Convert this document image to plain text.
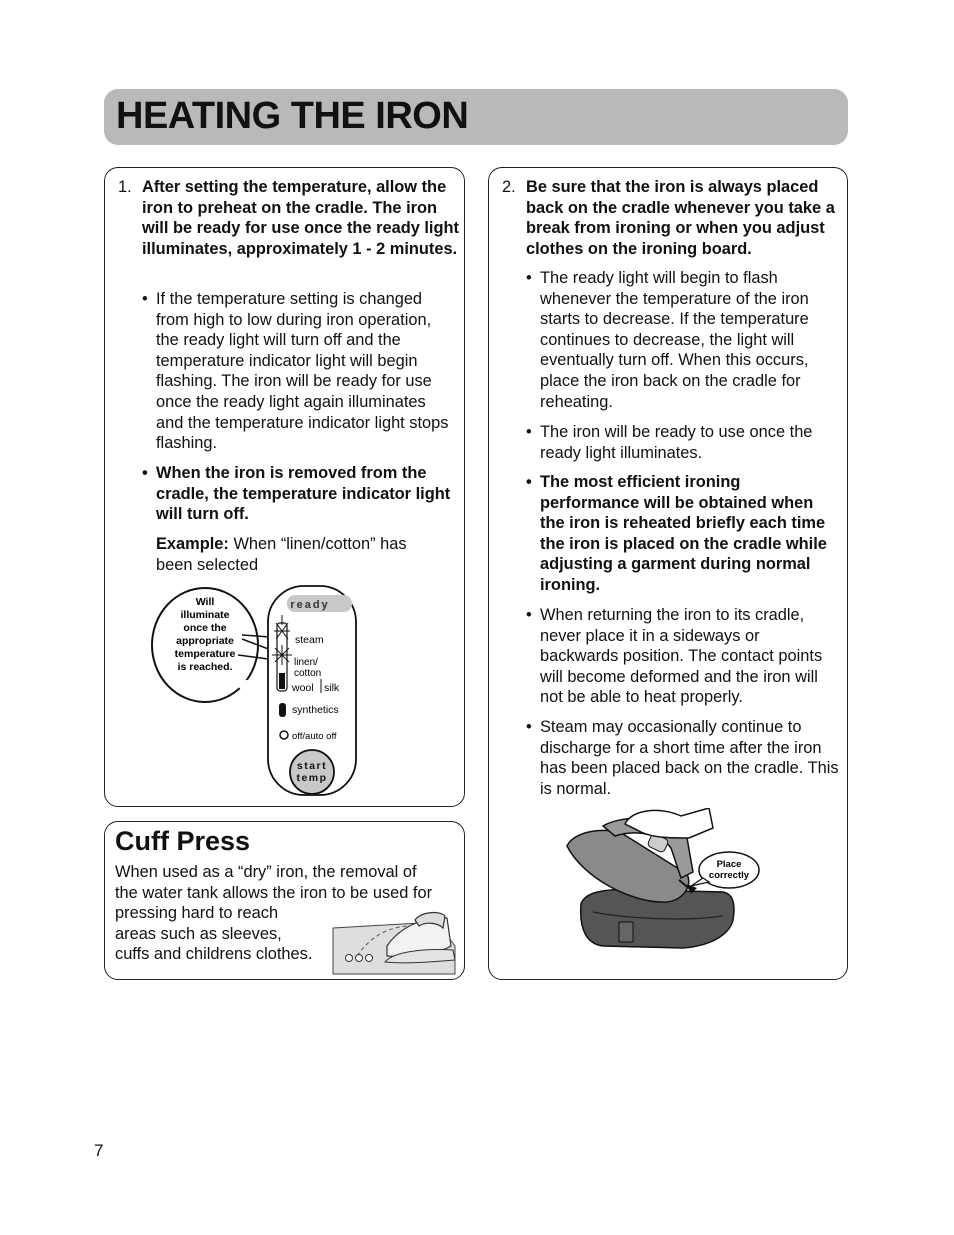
HEATING THE IRON
1. After setting the temperature, allow the iron to preheat on the cradle. The iron will be ready for use once the ready light illuminates, approximately 1 - 2 minutes.
• If the temperature setting is changed from high to low during iron operation, the ready light will turn off and the temperature indicator light will begin flashing. The iron will be ready for use once the ready light again illuminates and the temperature indicator light stops flashing.
• When the iron is removed from the cradle, the temperature indicator light will turn off.
Example: When “linen/cotton” has been selected
Will
illuminate
once the
appropriate
temperature
is reached.
ready
steam
linen/
cotton
wool silk
synthetics
off/auto off
start
temp
Cuff Press
When used as a “dry” iron, the removal of
the water tank allows the iron to be used for
pressing hard to reach
areas such as sleeves,
cuffs and childrens clothes.
2. Be sure that the iron is always placed back on the cradle whenever you take a break from ironing or when you adjust clothes on the ironing board.
• The ready light will begin to flash whenever the temperature of the iron starts to decrease. If the temperature continues to decrease, the light will eventually turn off. When this occurs, place the iron back on the cradle for reheating.
• The iron will be ready to use once the ready light illuminates.
• The most efficient ironing performance will be obtained when the iron is reheated briefly each time the iron is placed on the cradle while adjusting a garment during normal ironing.
• When returning the iron to its cradle, never place it in a sideways or backwards position. The contact points will become deformed and the iron will not be able to heat properly.
• Steam may occasionally continue to discharge for a short time after the iron has been placed back on the cradle. This is normal.
Place
correctly
7
